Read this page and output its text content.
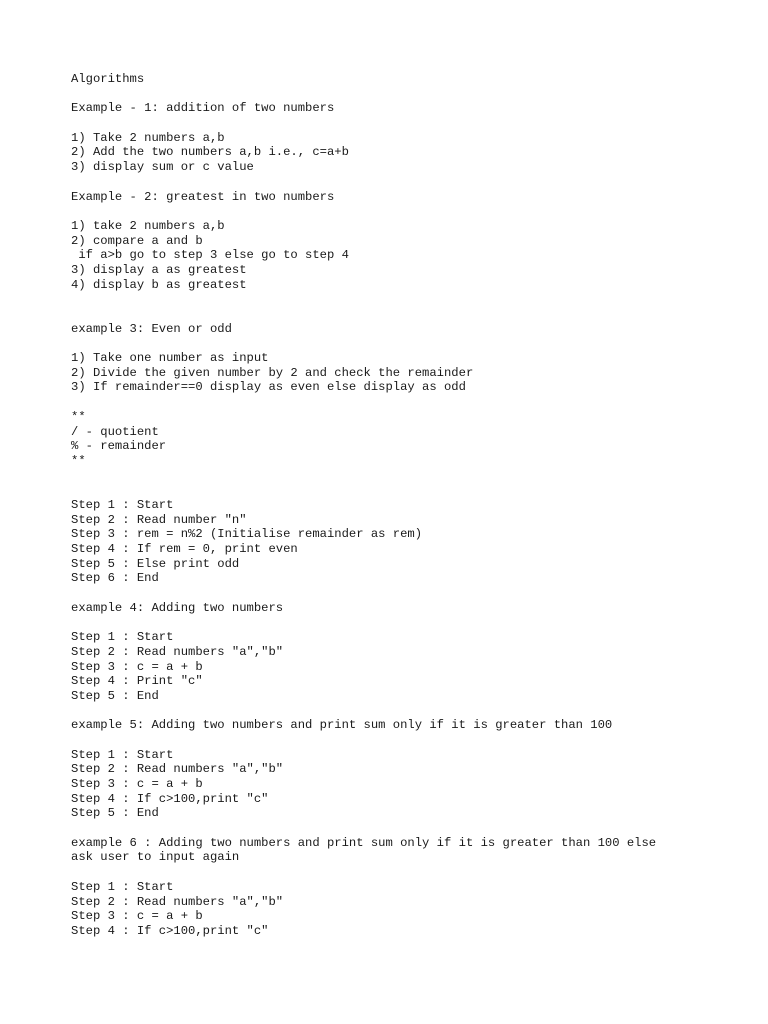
Algorithms
Example - 1: addition of two numbers
1) Take 2 numbers a,b
2) Add the two numbers a,b i.e., c=a+b
3) display sum or c value
Example - 2: greatest in two numbers
1) take 2 numbers a,b
2) compare a and b
if a>b go to step 3 else go to step 4
3) display a as greatest
4) display b as greatest
example 3: Even or odd
1) Take one number as input
2) Divide the given number by 2 and check the remainder
3) If remainder==0 display as even else display as odd
**
/ - quotient
% - remainder
**
Step 1 : Start
Step 2 : Read number "n"
Step 3 : rem = n%2 (Initialise remainder as rem)
Step 4 : If rem = 0, print even
Step 5 : Else print odd
Step 6 : End
example 4: Adding two numbers
Step 1 : Start
Step 2 : Read numbers "a","b"
Step 3 : c = a + b
Step 4 : Print "c"
Step 5 : End
example 5: Adding two numbers and print sum only if it is greater than 100
Step 1 : Start
Step 2 : Read numbers "a","b"
Step 3 : c = a + b
Step 4 : If c>100,print "c"
Step 5 : End
example 6 : Adding two numbers and print sum only if it is greater than 100 else
ask user to input again
Step 1 : Start
Step 2 : Read numbers "a","b"
Step 3 : c = a + b
Step 4 : If c>100,print "c"
